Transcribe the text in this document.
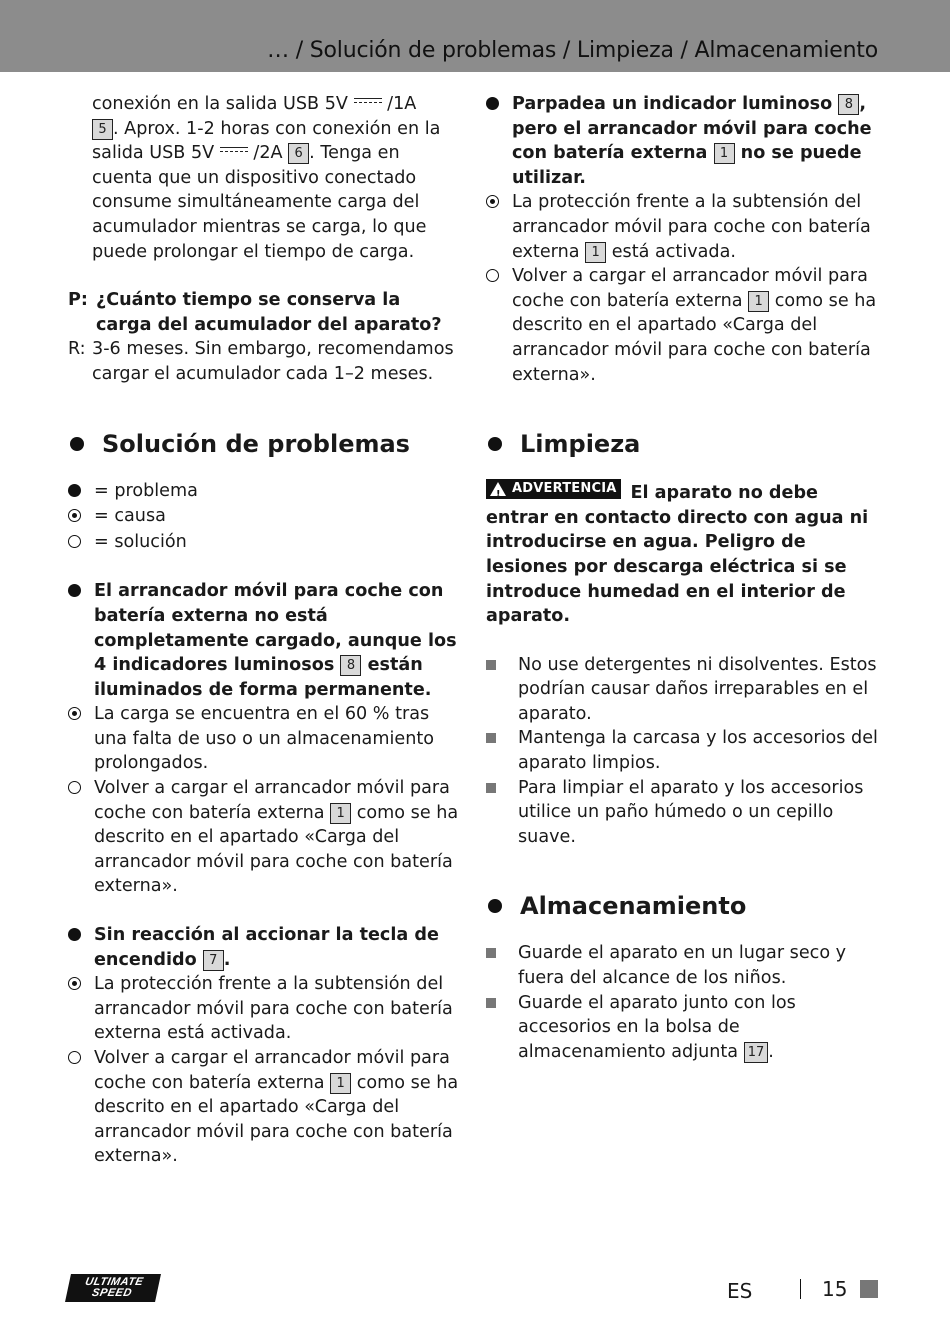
… / Solución de problemas / Limpieza / Almacenamiento

conexión en la salida USB 5V /1A
5 . Aprox. 1-2 horas con conexión en la
salida USB 5V /2A 6 . Tenga en cuenta que un dispositivo conectado consume simultáneamente carga del acumulador mientras se carga, lo que puede prolongar el tiempo de carga.

P: ¿Cuánto tiempo se conserva la carga del acumulador del aparato?
R: 3-6 meses. Sin embargo, recomendamos cargar el acumulador cada 1–2 meses.
Solución de problemas
= problema
= causa
= solución
El arrancador móvil para coche con batería externa no está completamente cargado, aunque los 4 indicadores luminosos 8 están iluminados de forma permanente.
La carga se encuentra en el 60 % tras una falta de uso o un almacenamiento prolongados.
Volver a cargar el arrancador móvil para coche con batería externa 1 como se ha descrito en el apartado «Carga del arrancador móvil para coche con batería externa».
Sin reacción al accionar la tecla de encendido 7 .
La protección frente a la subtensión del arrancador móvil para coche con batería externa está activada.
Volver a cargar el arrancador móvil para coche con batería externa 1 como se ha descrito en el apartado «Carga del arrancador móvil para coche con batería externa».
Parpadea un indicador luminoso 8 , pero el arrancador móvil para coche con batería externa 1 no se puede utilizar.
La protección frente a la subtensión del arrancador móvil para coche con batería externa 1 está activada.
Volver a cargar el arrancador móvil para coche con batería externa 1 como se ha descrito en el apartado «Carga del arrancador móvil para coche con batería externa».
Limpieza

!
ADVERTENCIA El aparato no debe entrar en contacto directo con agua ni introducirse en agua. Peligro de lesiones por descarga eléctrica si se introduce humedad en el interior de aparato.

No use detergentes ni disolventes. Estos podrían causar daños irreparables en el aparato.
Mantenga la carcasa y los accesorios del aparato limpios.
Para limpiar el aparato y los accesorios utilice un paño húmedo o un cepillo suave.
Almacenamiento
Guarde el aparato en un lugar seco y fuera del alcance de los niños.
Guarde el aparato junto con los accesorios en la bolsa de almacenamiento adjunta 17 .
ULTIMATE
SPEED	ES	15
